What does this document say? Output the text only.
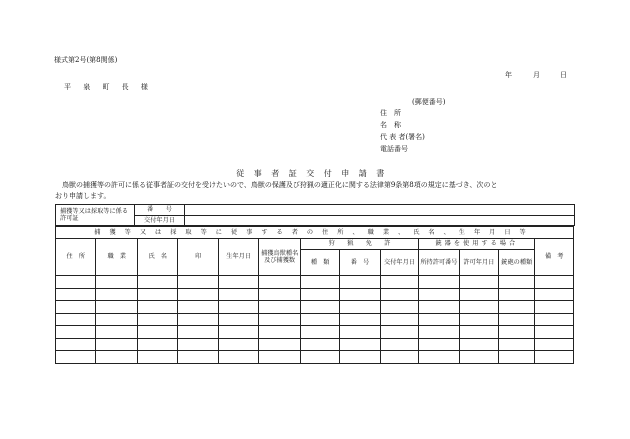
様式第2号(第8関係)
年	月	日
平 泉 町 長 様
(郵便番号)
住　所
名　称
代 表 者(署名)
電話番号
従事者証交付申請書
鳥獣の捕獲等の許可に係る従事者証の交付を受けたいので、鳥獣の保護及び狩猟の適正化に関する法律第9条第8項の規定に基づき、次のと
おり申請します。
捕獲等又は採取等に係る許可証	番　　号	
	交付年月日	
捕獲等又は採取等に従事する者の住所、職業、氏名、生年月日等												
住　所	職　業	氏　名	印	生年月日	捕獲鳥獣種名及び捕獲数	狩　　猟　　免　　許			銃器を使用する場合			備　考
						種　類	番　号	交付年月日	所持許可番号	許可年月日	銃砲の種類	
